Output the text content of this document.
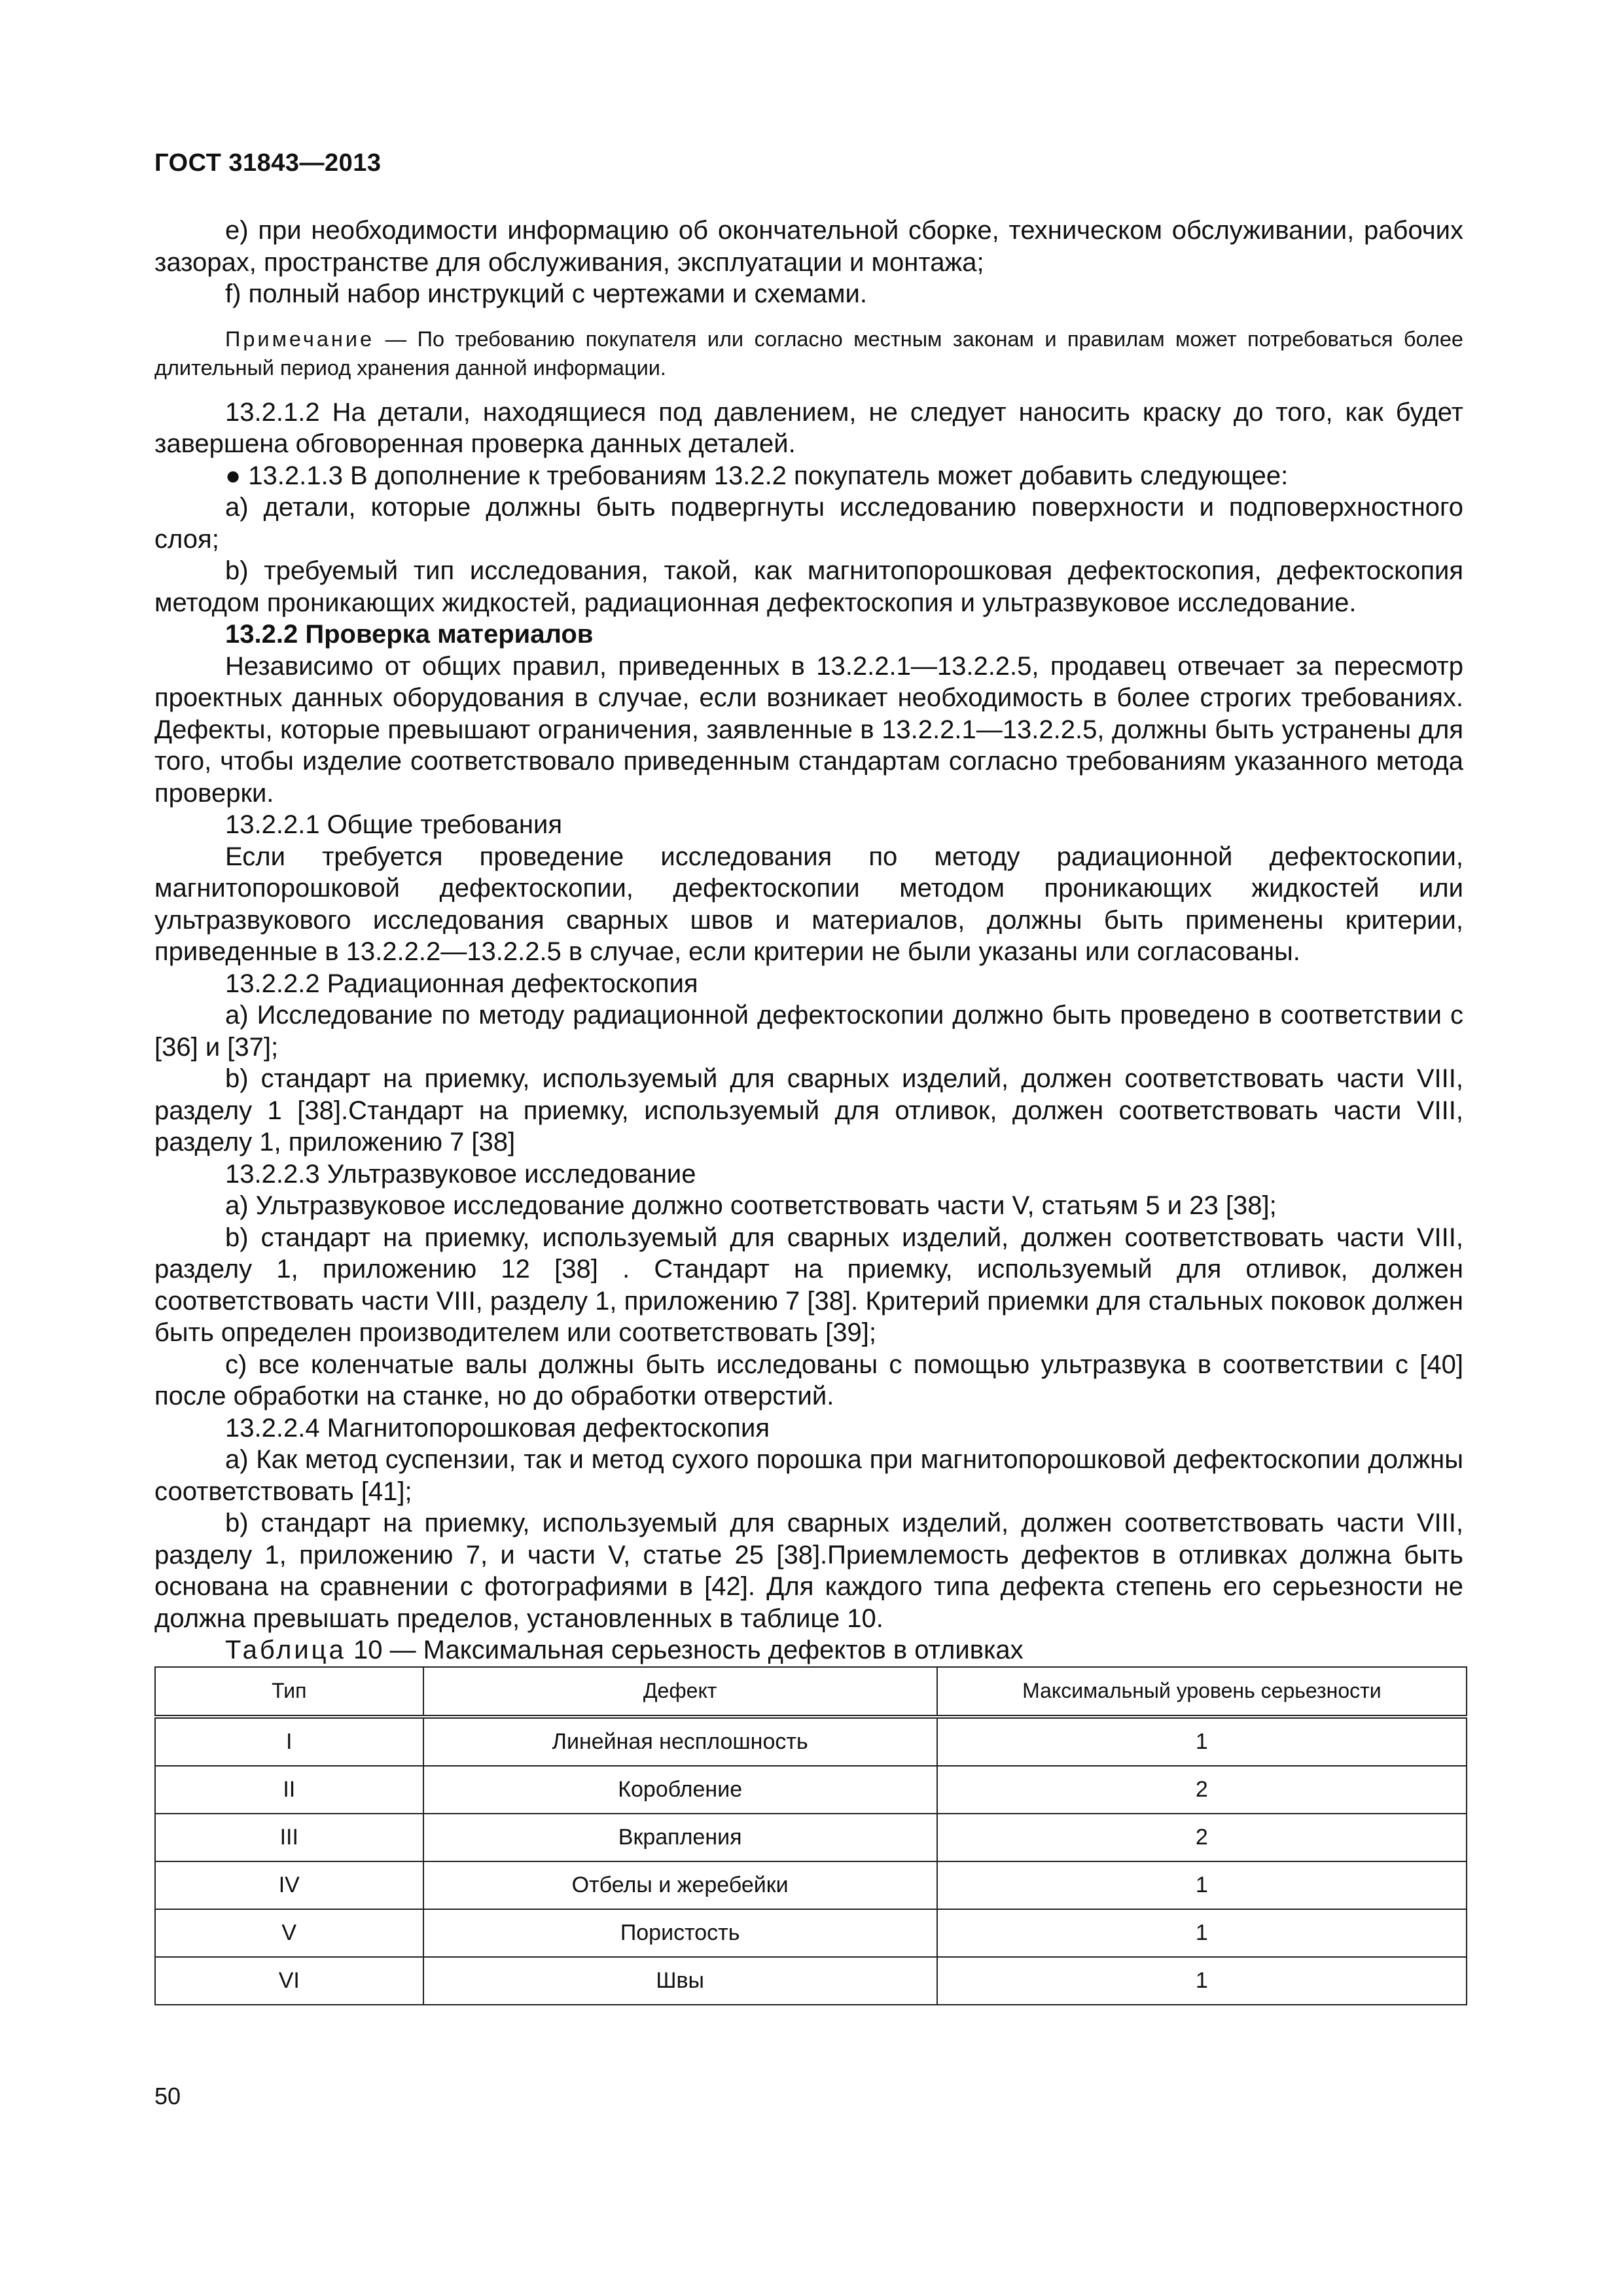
ГОСТ 31843—2013

e) при необходимости информацию об окончательной сборке, техническом обслуживании, рабочих зазорах, пространстве для обслуживания, эксплуатации и монтажа;

f) полный набор инструкций с чертежами и схемами.

Примечание — По требованию покупателя или согласно местным законам и правилам может потребоваться более длительный период хранения данной информации.

13.2.1.2 На детали, находящиеся под давлением, не следует наносить краску до того, как будет завершена обговоренная проверка данных деталей.

● 13.2.1.3 В дополнение к требованиям 13.2.2 покупатель может добавить следующее:

a) детали, которые должны быть подвергнуты исследованию поверхности и подповерхностного слоя;

b) требуемый тип исследования, такой, как магнитопорошковая дефектоскопия, дефектоскопия методом проникающих жидкостей, радиационная дефектоскопия и ультразвуковое исследование.

13.2.2 Проверка материалов

Независимо от общих правил, приведенных в 13.2.2.1—13.2.2.5, продавец отвечает за пересмотр проектных данных оборудования в случае, если возникает необходимость в более строгих требованиях. Дефекты, которые превышают ограничения, заявленные в 13.2.2.1—13.2.2.5, должны быть устранены для того, чтобы изделие соответствовало приведенным стандартам согласно требованиям указанного метода проверки.

13.2.2.1 Общие требования

Если требуется проведение исследования по методу радиационной дефектоскопии, магнитопорошковой дефектоскопии, дефектоскопии методом проникающих жидкостей или ультразвукового исследования сварных швов и материалов, должны быть применены критерии, приведенные в 13.2.2.2—13.2.2.5 в случае, если критерии не были указаны или согласованы.

13.2.2.2 Радиационная дефектоскопия

a) Исследование по методу радиационной дефектоскопии должно быть проведено в соответствии с [36] и [37];

b) стандарт на приемку, используемый для сварных изделий, должен соответствовать части VIII, разделу 1 [38].Стандарт на приемку, используемый для отливок, должен соответствовать части VIII, разделу 1, приложению 7 [38]

13.2.2.3 Ультразвуковое исследование

a) Ультразвуковое исследование должно соответствовать части V, статьям 5 и 23 [38];

b) стандарт на приемку, используемый для сварных изделий, должен соответствовать части VIII, разделу 1, приложению 12 [38] . Стандарт на приемку, используемый для отливок, должен соответствовать части VIII, разделу 1, приложению 7 [38]. Критерий приемки для стальных поковок должен быть определен производителем или соответствовать [39];

c) все коленчатые валы должны быть исследованы с помощью ультразвука в соответствии с [40] после обработки на станке, но до обработки отверстий.

13.2.2.4 Магнитопорошковая дефектоскопия

a) Как метод суспензии, так и метод сухого порошка при магнитопорошковой дефектоскопии должны соответствовать [41];

b) стандарт на приемку, используемый для сварных изделий, должен соответствовать части VIII, разделу 1, приложению 7, и части V, статье 25 [38].Приемлемость дефектов в отливках должна быть основана на сравнении с фотографиями в [42]. Для каждого типа дефекта степень его серьезности не должна превышать пределов, установленных в таблице 10.

Таблица 10 — Максимальная серьезность дефектов в отливках

Тип	Дефект	Максимальный уровень серьезности
I	Линейная несплошность	1
II	Коробление	2
III	Вкрапления	2
IV	Отбелы и жеребейки	1
V	Пористость	1
VI	Швы	1
50
